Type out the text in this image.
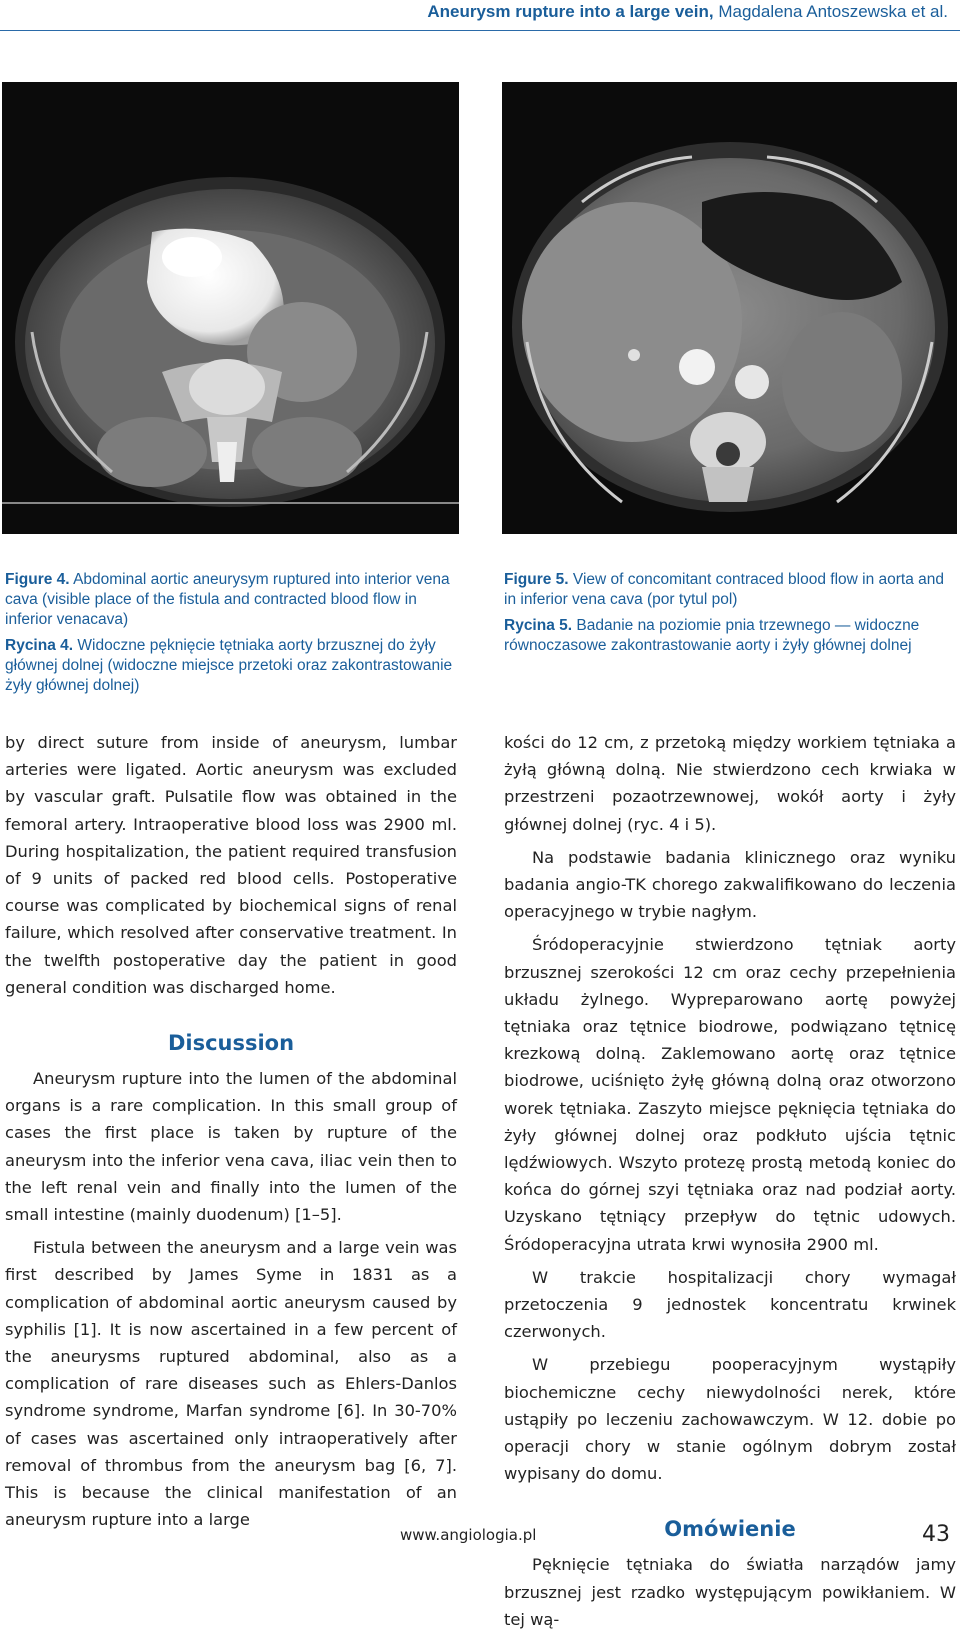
Aneurysm rupture into a large vein, Magdalena Antoszewska et al.

Figure 4. Abdominal aortic aneurysym ruptured into interior vena cava (visible place of the fistula and contracted blood flow in inferior venacava)

Rycina 4. Widoczne pęknięcie tętniaka aorty brzusznej do żyły głównej dolnej (widoczne miejsce przetoki oraz zakontrastowanie żyły głównej dolnej)

Figure 5. View of concomitant contraced blood flow in aorta and in inferior vena cava (por tytul pol)

Rycina 5. Badanie na poziomie pnia trzewnego — widoczne równoczasowe zakontrastowanie aorty i żyły głównej dolnej

by direct suture from inside of aneurysm, lumbar arteries were ligated. Aortic aneurysm was excluded by vascular graft. Pulsatile flow was obtained in the femoral artery. Intraoperative blood loss was 2900 ml. During hospitalization, the patient required transfusion of 9 units of packed red blood cells. Postoperative course was complicated by biochemical signs of renal failure, which resolved after conservative treatment. In the twelfth postoperative day the patient in good general condition was discharged home.

Discussion

Aneurysm rupture into the lumen of the abdominal organs is a rare complication. In this small group of cases the first place is taken by rupture of the aneurysm into the inferior vena cava, iliac vein then to the left renal vein and finally into the lumen of the small intestine (mainly duodenum) [1–5].

Fistula between the aneurysm and a large vein was first described by James Syme in 1831 as a complication of abdominal aortic aneurysm caused by syphilis [1]. It is now ascertained in a few percent of the aneurysms ruptured abdominal, also as a complication of rare diseases such as Ehlers-Danlos syndrome syndrome, Marfan syndrome [6]. In 30-70% of cases was ascertained only intraoperatively after removal of thrombus from the aneurysm bag [6, 7]. This is because the clinical manifestation of an aneurysm rupture into a large

kości do 12 cm, z przetoką między workiem tętniaka a żyłą główną dolną. Nie stwierdzono cech krwiaka w przestrzeni pozaotrzewnowej, wokół aorty i żyły głównej dolnej (ryc. 4 i 5).

Na podstawie badania klinicznego oraz wyniku badania angio-TK chorego zakwalifikowano do leczenia operacyjnego w trybie nagłym.

Śródoperacyjnie stwierdzono tętniak aorty brzusznej szerokości 12 cm oraz cechy przepełnienia układu żylnego. Wypreparowano aortę powyżej tętniaka oraz tętnice biodrowe, podwiązano tętnicę krezkową dolną. Zaklemowano aortę oraz tętnice biodrowe, uciśnięto żyłę główną dolną oraz otworzono worek tętniaka. Zaszyto miejsce pęknięcia tętniaka do żyły głównej dolnej oraz podkłuto ujścia tętnic lędźwiowych. Wszyto protezę prostą metodą koniec do końca do górnej szyi tętniaka oraz nad podział aorty. Uzyskano tętniący przepływ do tętnic udowych. Śródoperacyjna utrata krwi wynosiła 2900 ml.

W trakcie hospitalizacji chory wymagał przetoczenia 9 jednostek koncentratu krwinek czerwonych.

W przebiegu pooperacyjnym wystąpiły biochemiczne cechy niewydolności nerek, które ustąpiły po leczeniu zachowawczym. W 12. dobie po operacji chory w stanie ogólnym dobrym został wypisany do domu.

Omówienie

Pęknięcie tętniaka do światła narządów jamy brzusznej jest rzadko występującym powikłaniem. W tej wą-

www.angiologia.pl	43
